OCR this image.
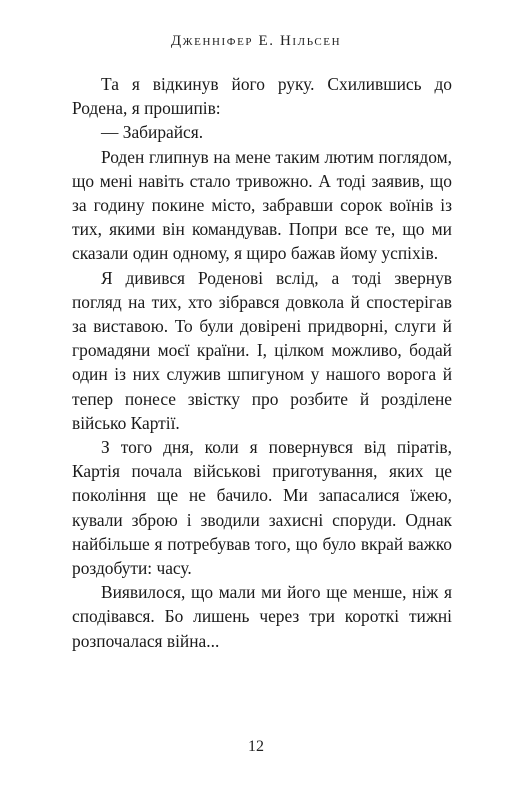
Дженніфер Е. Нільсен

Та я відкинув його руку. Схилившись до Родена, я прошипів:

— Забирайся.

Роден глипнув на мене таким лютим поглядом, що мені навіть стало тривожно. А тоді заявив, що за годину покине місто, забравши сорок воїнів із тих, якими він командував. Попри все те, що ми сказали один одному, я щиро бажав йому успіхів.

Я дивився Роденові вслід, а тоді звернув погляд на тих, хто зібрався довкола й спостерігав за виставою. То були довірені придворні, слуги й громадяни моєї країни. І, цілком можливо, бодай один із них служив шпигуном у нашого ворога й тепер понесе звістку про розбите й розділене військо Картії.

З того дня, коли я повернувся від піратів, Картія почала військові приготування, яких це покоління ще не бачило. Ми запасалися їжею, кували зброю і зводили захисні споруди. Однак найбільше я потребував того, що було вкрай важко роздобути: часу.

Виявилося, що мали ми його ще менше, ніж я сподівався. Бо лишень через три короткі тижні розпочалася війна...

12
